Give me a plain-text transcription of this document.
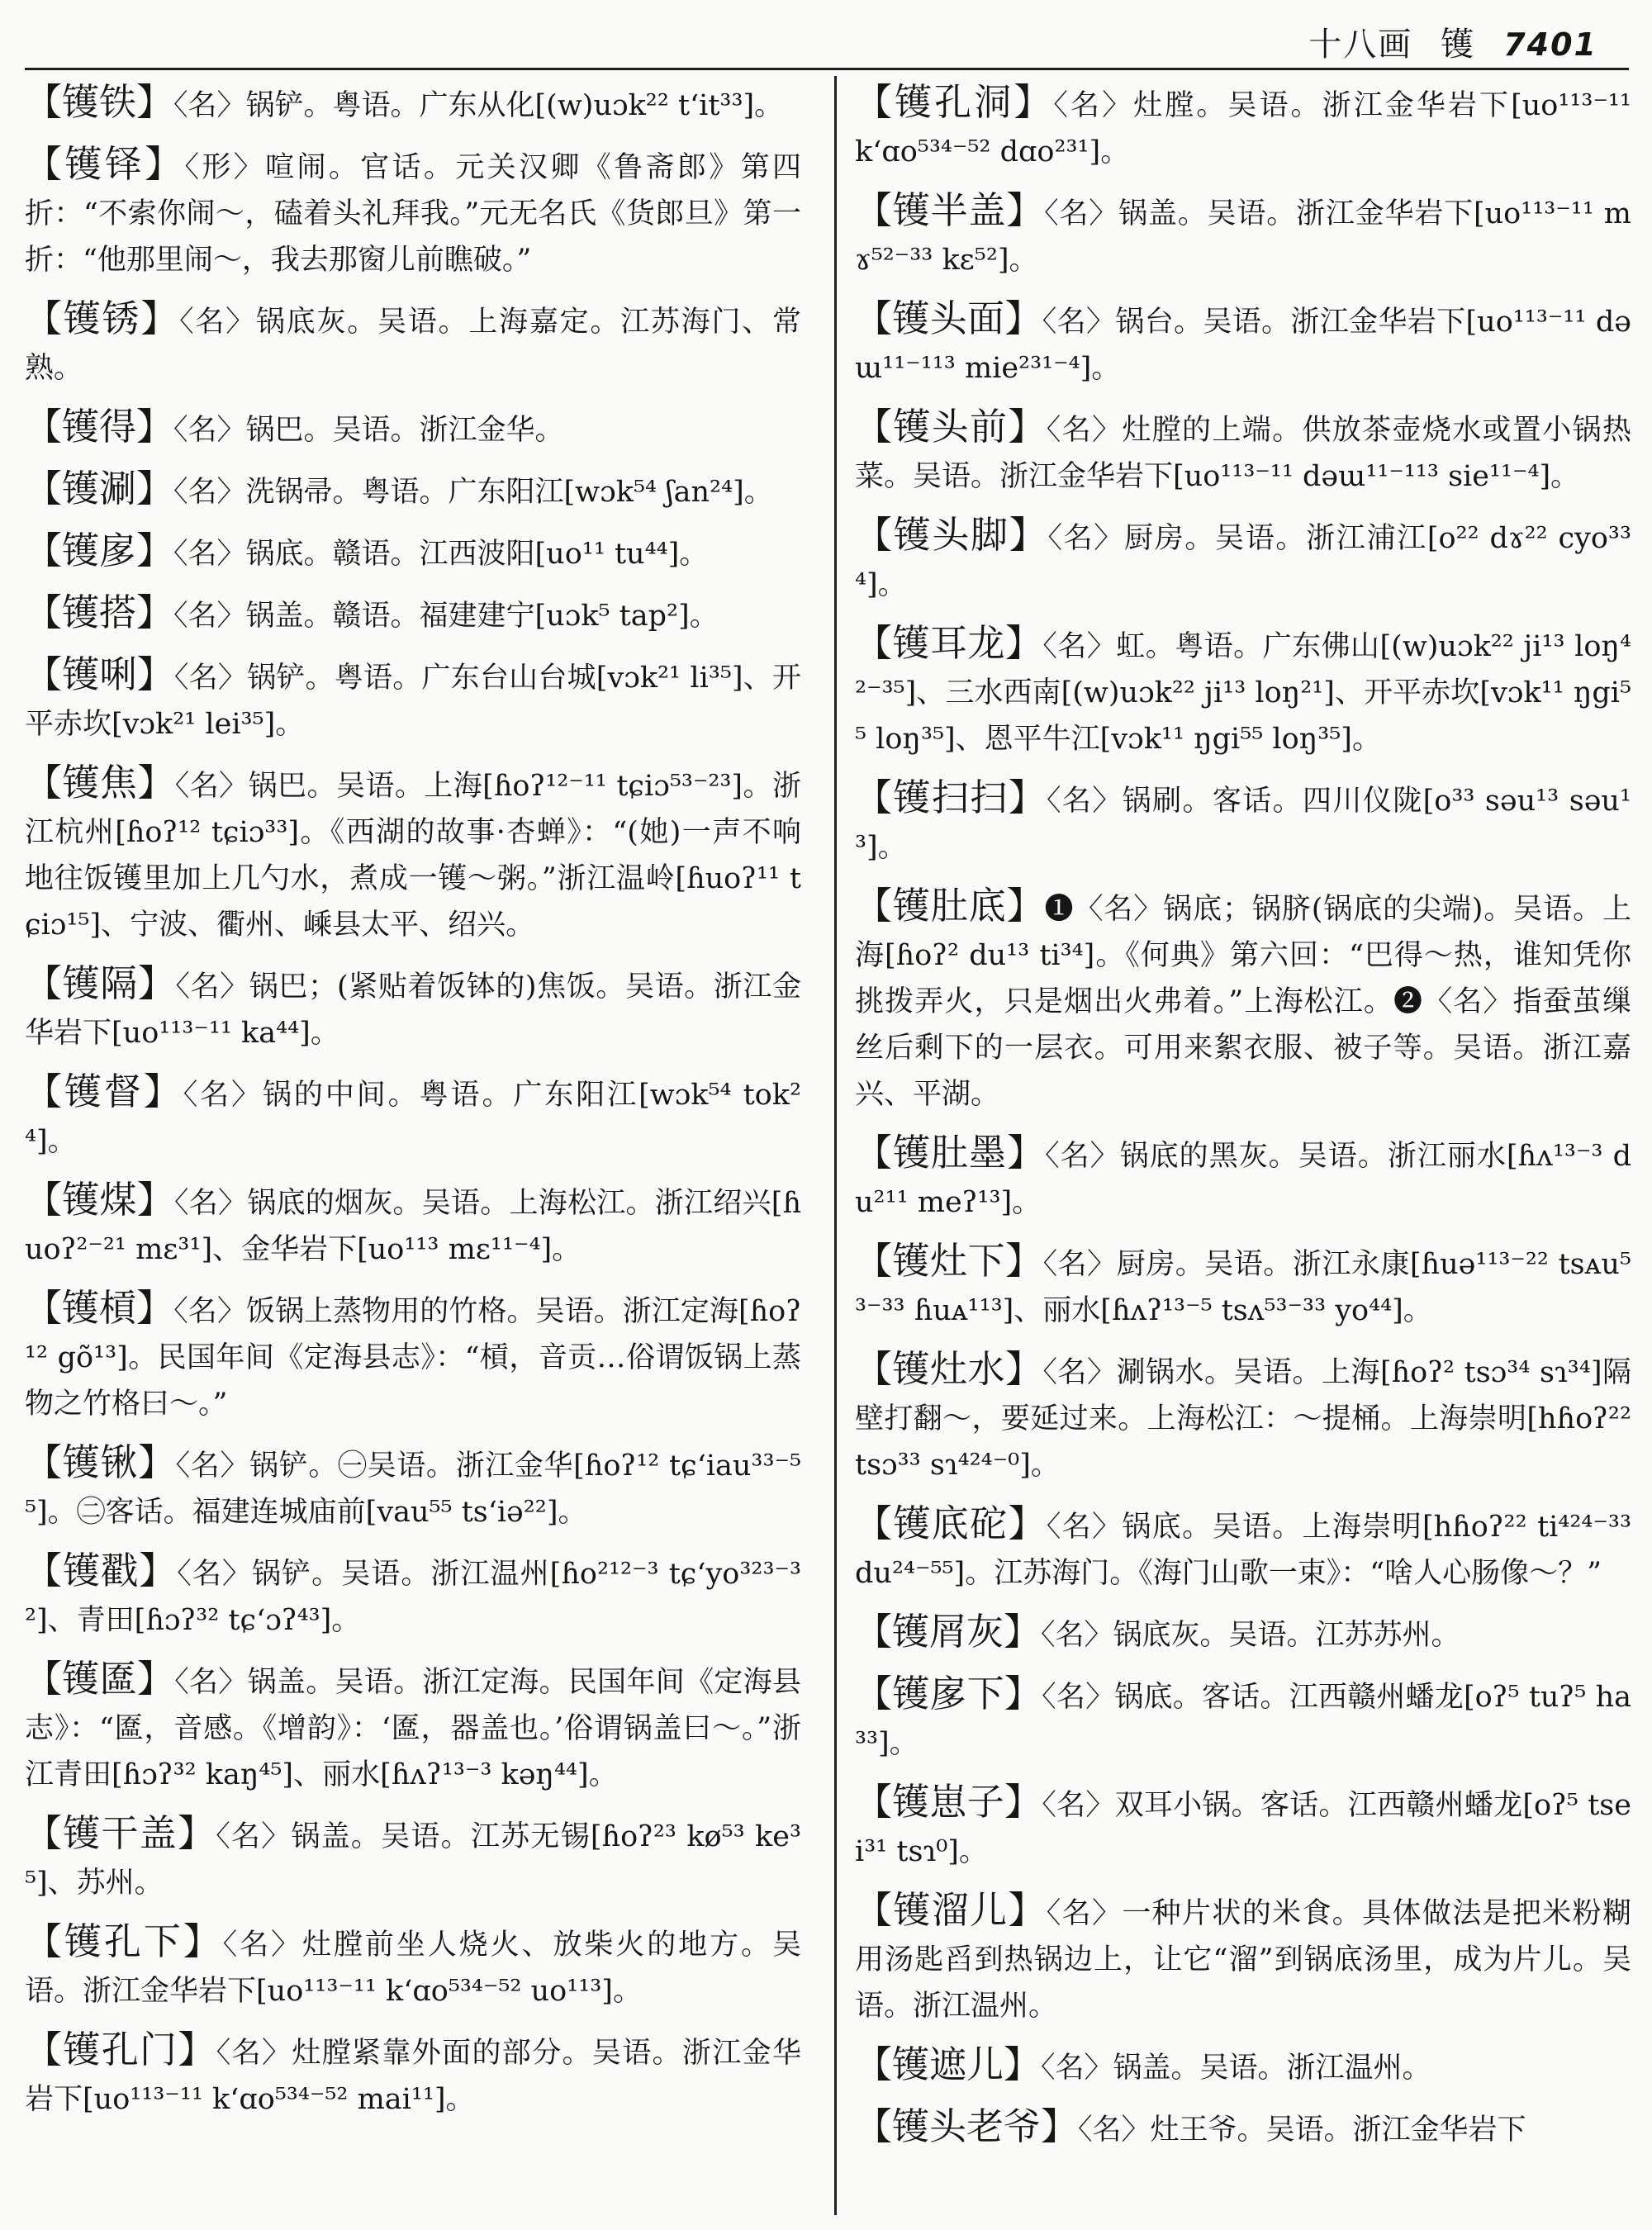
十八画 镬 7401

【镬铁】〈名〉锅铲。粤语。广东从化[(w)uɔk²² t‘it³³]。

【镬铎】〈形〉喧闹。官话。元关汉卿《鲁斋郎》第四折：“不索你闹～，磕着头礼拜我。”元无名氏《货郎旦》第一折：“他那里闹～，我去那窗儿前瞧破。”

【镬锈】〈名〉锅底灰。吴语。上海嘉定。江苏海门、常熟。

【镬得】〈名〉锅巴。吴语。浙江金华。

【镬涮】〈名〉洗锅帚。粤语。广东阳江[wɔk⁵⁴ ʃan²⁴]。

【镬扅】〈名〉锅底。赣语。江西波阳[uo¹¹ tu⁴⁴]。

【镬搭】〈名〉锅盖。赣语。福建建宁[uɔk⁵ tap²]。

【镬唎】〈名〉锅铲。粤语。广东台山台城[vɔk²¹ li³⁵]、开平赤坎[vɔk²¹ lei³⁵]。

【镬焦】〈名〉锅巴。吴语。上海[ɦoʔ¹²⁻¹¹ tɕiɔ⁵³⁻²³]。浙江杭州[ɦoʔ¹² tɕiɔ³³]。《西湖的故事·杏蝉》：“(她)一声不响地往饭镬里加上几勺水，煮成一镬～粥。”浙江温岭[ɦuoʔ¹¹ tɕiɔ¹⁵]、宁波、衢州、嵊县太平、绍兴。

【镬隔】〈名〉锅巴；(紧贴着饭钵的)焦饭。吴语。浙江金华岩下[uo¹¹³⁻¹¹ ka⁴⁴]。

【镬督】〈名〉锅的中间。粤语。广东阳江[wɔk⁵⁴ tok²⁴]。

【镬煤】〈名〉锅底的烟灰。吴语。上海松江。浙江绍兴[ɦuoʔ²⁻²¹ mɛ³¹]、金华岩下[uo¹¹³ mɛ¹¹⁻⁴]。

【镬槓】〈名〉饭锅上蒸物用的竹格。吴语。浙江定海[ɦoʔ¹² gõ¹³]。民国年间《定海县志》：“槓，音贡…俗谓饭锅上蒸物之竹格曰～。”

【镬锹】〈名〉锅铲。㊀吴语。浙江金华[ɦoʔ¹² tɕ‘iau³³⁻⁵⁵]。㊁客话。福建连城庙前[vau⁵⁵ ts‘iə²²]。

【镬戳】〈名〉锅铲。吴语。浙江温州[ɦo²¹²⁻³ tɕ‘yo³²³⁻³²]、青田[ɦɔʔ³² tɕ‘ɔʔ⁴³]。

【镬匲】〈名〉锅盖。吴语。浙江定海。民国年间《定海县志》：“匲，音感。《增韵》：‘匲，器盖也。’俗谓锅盖曰～。”浙江青田[ɦɔʔ³² kaŋ⁴⁵]、丽水[ɦʌʔ¹³⁻³ kəŋ⁴⁴]。

【镬干盖】〈名〉锅盖。吴语。江苏无锡[ɦoʔ²³ kø⁵³ ke³⁵]、苏州。

【镬孔下】〈名〉灶膛前坐人烧火、放柴火的地方。吴语。浙江金华岩下[uo¹¹³⁻¹¹ k‘ɑo⁵³⁴⁻⁵² uo¹¹³]。

【镬孔门】〈名〉灶膛紧靠外面的部分。吴语。浙江金华岩下[uo¹¹³⁻¹¹ k‘ɑo⁵³⁴⁻⁵² mai¹¹]。

【镬孔洞】〈名〉灶膛。吴语。浙江金华岩下[uo¹¹³⁻¹¹ k‘ɑo⁵³⁴⁻⁵² dɑo²³¹]。

【镬半盖】〈名〉锅盖。吴语。浙江金华岩下[uo¹¹³⁻¹¹ mɤ⁵²⁻³³ kɛ⁵²]。

【镬头面】〈名〉锅台。吴语。浙江金华岩下[uo¹¹³⁻¹¹ dəɯ¹¹⁻¹¹³ mie²³¹⁻⁴]。

【镬头前】〈名〉灶膛的上端。供放茶壶烧水或置小锅热菜。吴语。浙江金华岩下[uo¹¹³⁻¹¹ dəɯ¹¹⁻¹¹³ sie¹¹⁻⁴]。

【镬头脚】〈名〉厨房。吴语。浙江浦江[o²² dɤ²² cyo³³⁴]。

【镬耳龙】〈名〉虹。粤语。广东佛山[(w)uɔk²² ji¹³ loŋ⁴²⁻³⁵]、三水西南[(w)uɔk²² ji¹³ loŋ²¹]、开平赤坎[vɔk¹¹ ŋgi⁵⁵ loŋ³⁵]、恩平牛江[vɔk¹¹ ŋgi⁵⁵ loŋ³⁵]。

【镬扫扫】〈名〉锅刷。客话。四川仪陇[o³³ səu¹³ səu¹³]。

【镬肚底】❶〈名〉锅底；锅脐(锅底的尖端)。吴语。上海[ɦoʔ² du¹³ ti³⁴]。《何典》第六回：“巴得～热，谁知凭你挑拨弄火，只是烟出火弗着。”上海松江。❷〈名〉指蚕茧缫丝后剩下的一层衣。可用来絮衣服、被子等。吴语。浙江嘉兴、平湖。

【镬肚墨】〈名〉锅底的黑灰。吴语。浙江丽水[ɦʌ¹³⁻³ du²¹¹ meʔ¹³]。

【镬灶下】〈名〉厨房。吴语。浙江永康[ɦuə¹¹³⁻²² tsᴀu⁵³⁻³³ ɦuᴀ¹¹³]、丽水[ɦʌʔ¹³⁻⁵ tsʌ⁵³⁻³³ yo⁴⁴]。

【镬灶水】〈名〉涮锅水。吴语。上海[ɦoʔ² tsɔ³⁴ sɿ³⁴]隔壁打翻～，要延过来。上海松江：～提桶。上海崇明[hɦoʔ²² tsɔ³³ sɿ⁴²⁴⁻⁰]。

【镬底砣】〈名〉锅底。吴语。上海崇明[hɦoʔ²² ti⁴²⁴⁻³³ du²⁴⁻⁵⁵]。江苏海门。《海门山歌一束》：“啥人心肠像～？”

【镬屑灰】〈名〉锅底灰。吴语。江苏苏州。

【镬扅下】〈名〉锅底。客话。江西赣州蟠龙[oʔ⁵ tuʔ⁵ ha³³]。

【镬崽子】〈名〉双耳小锅。客话。江西赣州蟠龙[oʔ⁵ tsei³¹ tsɿ⁰]。

【镬溜儿】〈名〉一种片状的米食。具体做法是把米粉糊用汤匙舀到热锅边上，让它“溜”到锅底汤里，成为片儿。吴语。浙江温州。

【镬遮儿】〈名〉锅盖。吴语。浙江温州。

【镬头老爷】〈名〉灶王爷。吴语。浙江金华岩下
